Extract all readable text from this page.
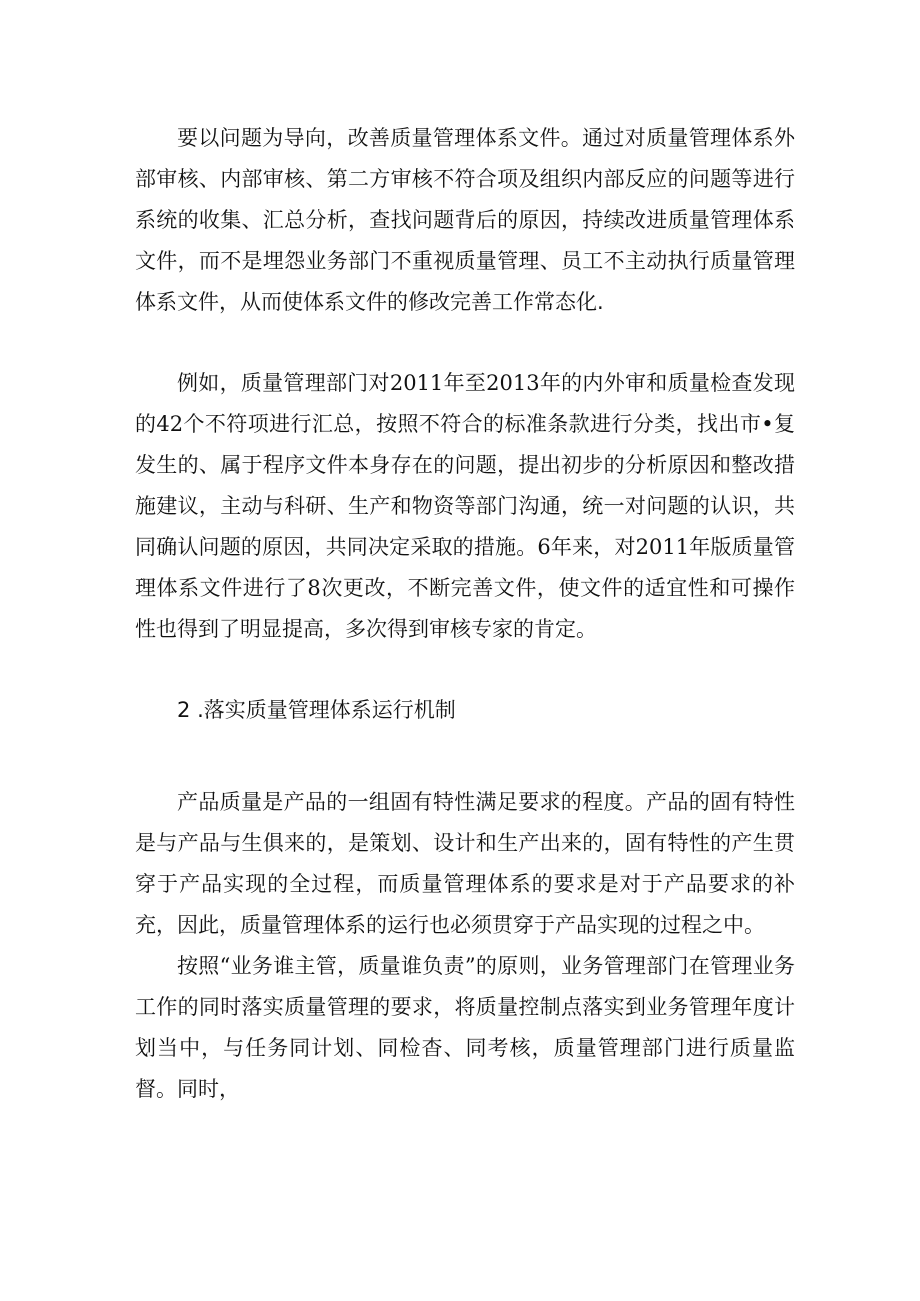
要以问题为导向，改善质量管理体系文件。通过对质量管理体系外部审核、内部审核、第二方审核不符合项及组织内部反应的问题等进行系统的收集、汇总分析，查找问题背后的原因，持续改进质量管理体系文件，而不是埋怨业务部门不重视质量管理、员工不主动执行质量管理体系文件，从而使体系文件的修改完善工作常态化.

例如，质量管理部门对2011年至2013年的内外审和质量检查发现的42个不符项进行汇总，按照不符合的标准条款进行分类，找出市•复发生的、属于程序文件本身存在的问题，提出初步的分析原因和整改措施建议，主动与科研、生产和物资等部门沟通，统一对问题的认识，共同确认问题的原因，共同决定采取的措施。6年来，对2011年版质量管理体系文件进行了8次更改，不断完善文件，使文件的适宜性和可操作性也得到了明显提高，多次得到审核专家的肯定。

2 .落实质量管理体系运行机制

产品质量是产品的一组固有特性满足要求的程度。产品的固有特性是与产品与生俱来的，是策划、设计和生产出来的，固有特性的产生贯穿于产品实现的全过程，而质量管理体系的要求是对于产品要求的补充，因此，质量管理体系的运行也必须贯穿于产品实现的过程之中。

按照“业务谁主管，质量谁负责”的原则，业务管理部门在管理业务工作的同时落实质量管理的要求，将质量控制点落实到业务管理年度计划当中，与任务同计划、同检杳、同考核，质量管理部门进行质量监督。同时，
